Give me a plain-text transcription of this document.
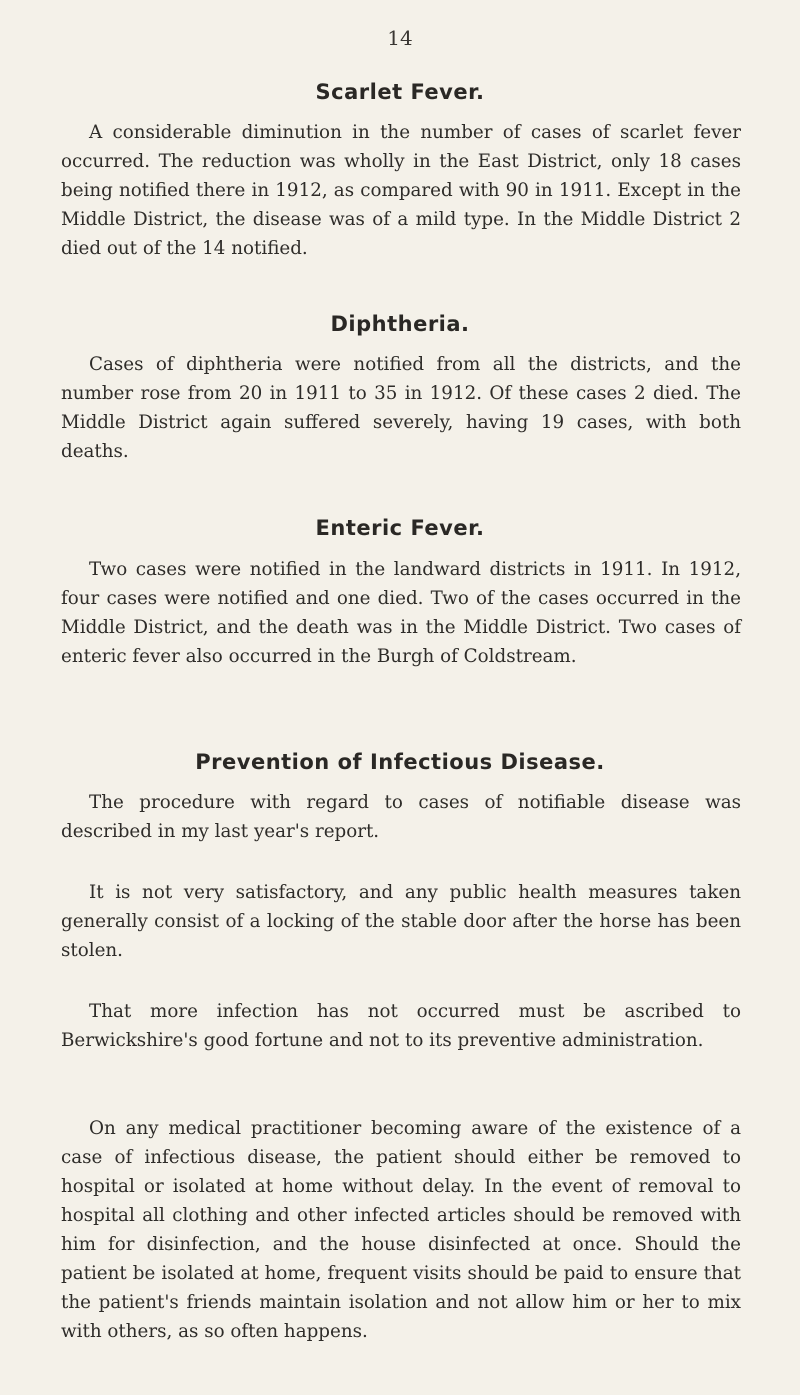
14
Scarlet Fever.

A considerable diminution in the number of cases of scarlet fever occurred. The reduction was wholly in the East District, only 18 cases being notified there in 1912, as compared with 90 in 1911. Except in the Middle District, the disease was of a mild type. In the Middle District 2 died out of the 14 notified.

Diphtheria.

Cases of diphtheria were notified from all the districts, and the number rose from 20 in 1911 to 35 in 1912. Of these cases 2 died. The Middle District again suffered severely, having 19 cases, with both deaths.

Enteric Fever.

Two cases were notified in the landward districts in 1911. In 1912, four cases were notified and one died. Two of the cases occurred in the Middle District, and the death was in the Middle District. Two cases of enteric fever also occurred in the Burgh of Coldstream.

Prevention of Infectious Disease.

The procedure with regard to cases of notifiable disease was described in my last year's report.

It is not very satisfactory, and any public health measures taken generally consist of a locking of the stable door after the horse has been stolen.

That more infection has not occurred must be ascribed to Berwickshire's good fortune and not to its preventive administration.

On any medical practitioner becoming aware of the existence of a case of infectious disease, the patient should either be removed to hospital or isolated at home without delay. In the event of removal to hospital all clothing and other infected articles should be removed with him for disinfection, and the house disinfected at once. Should the patient be isolated at home, frequent visits should be paid to ensure that the patient's friends maintain isolation and not allow him or her to mix with others, as so often happens.
